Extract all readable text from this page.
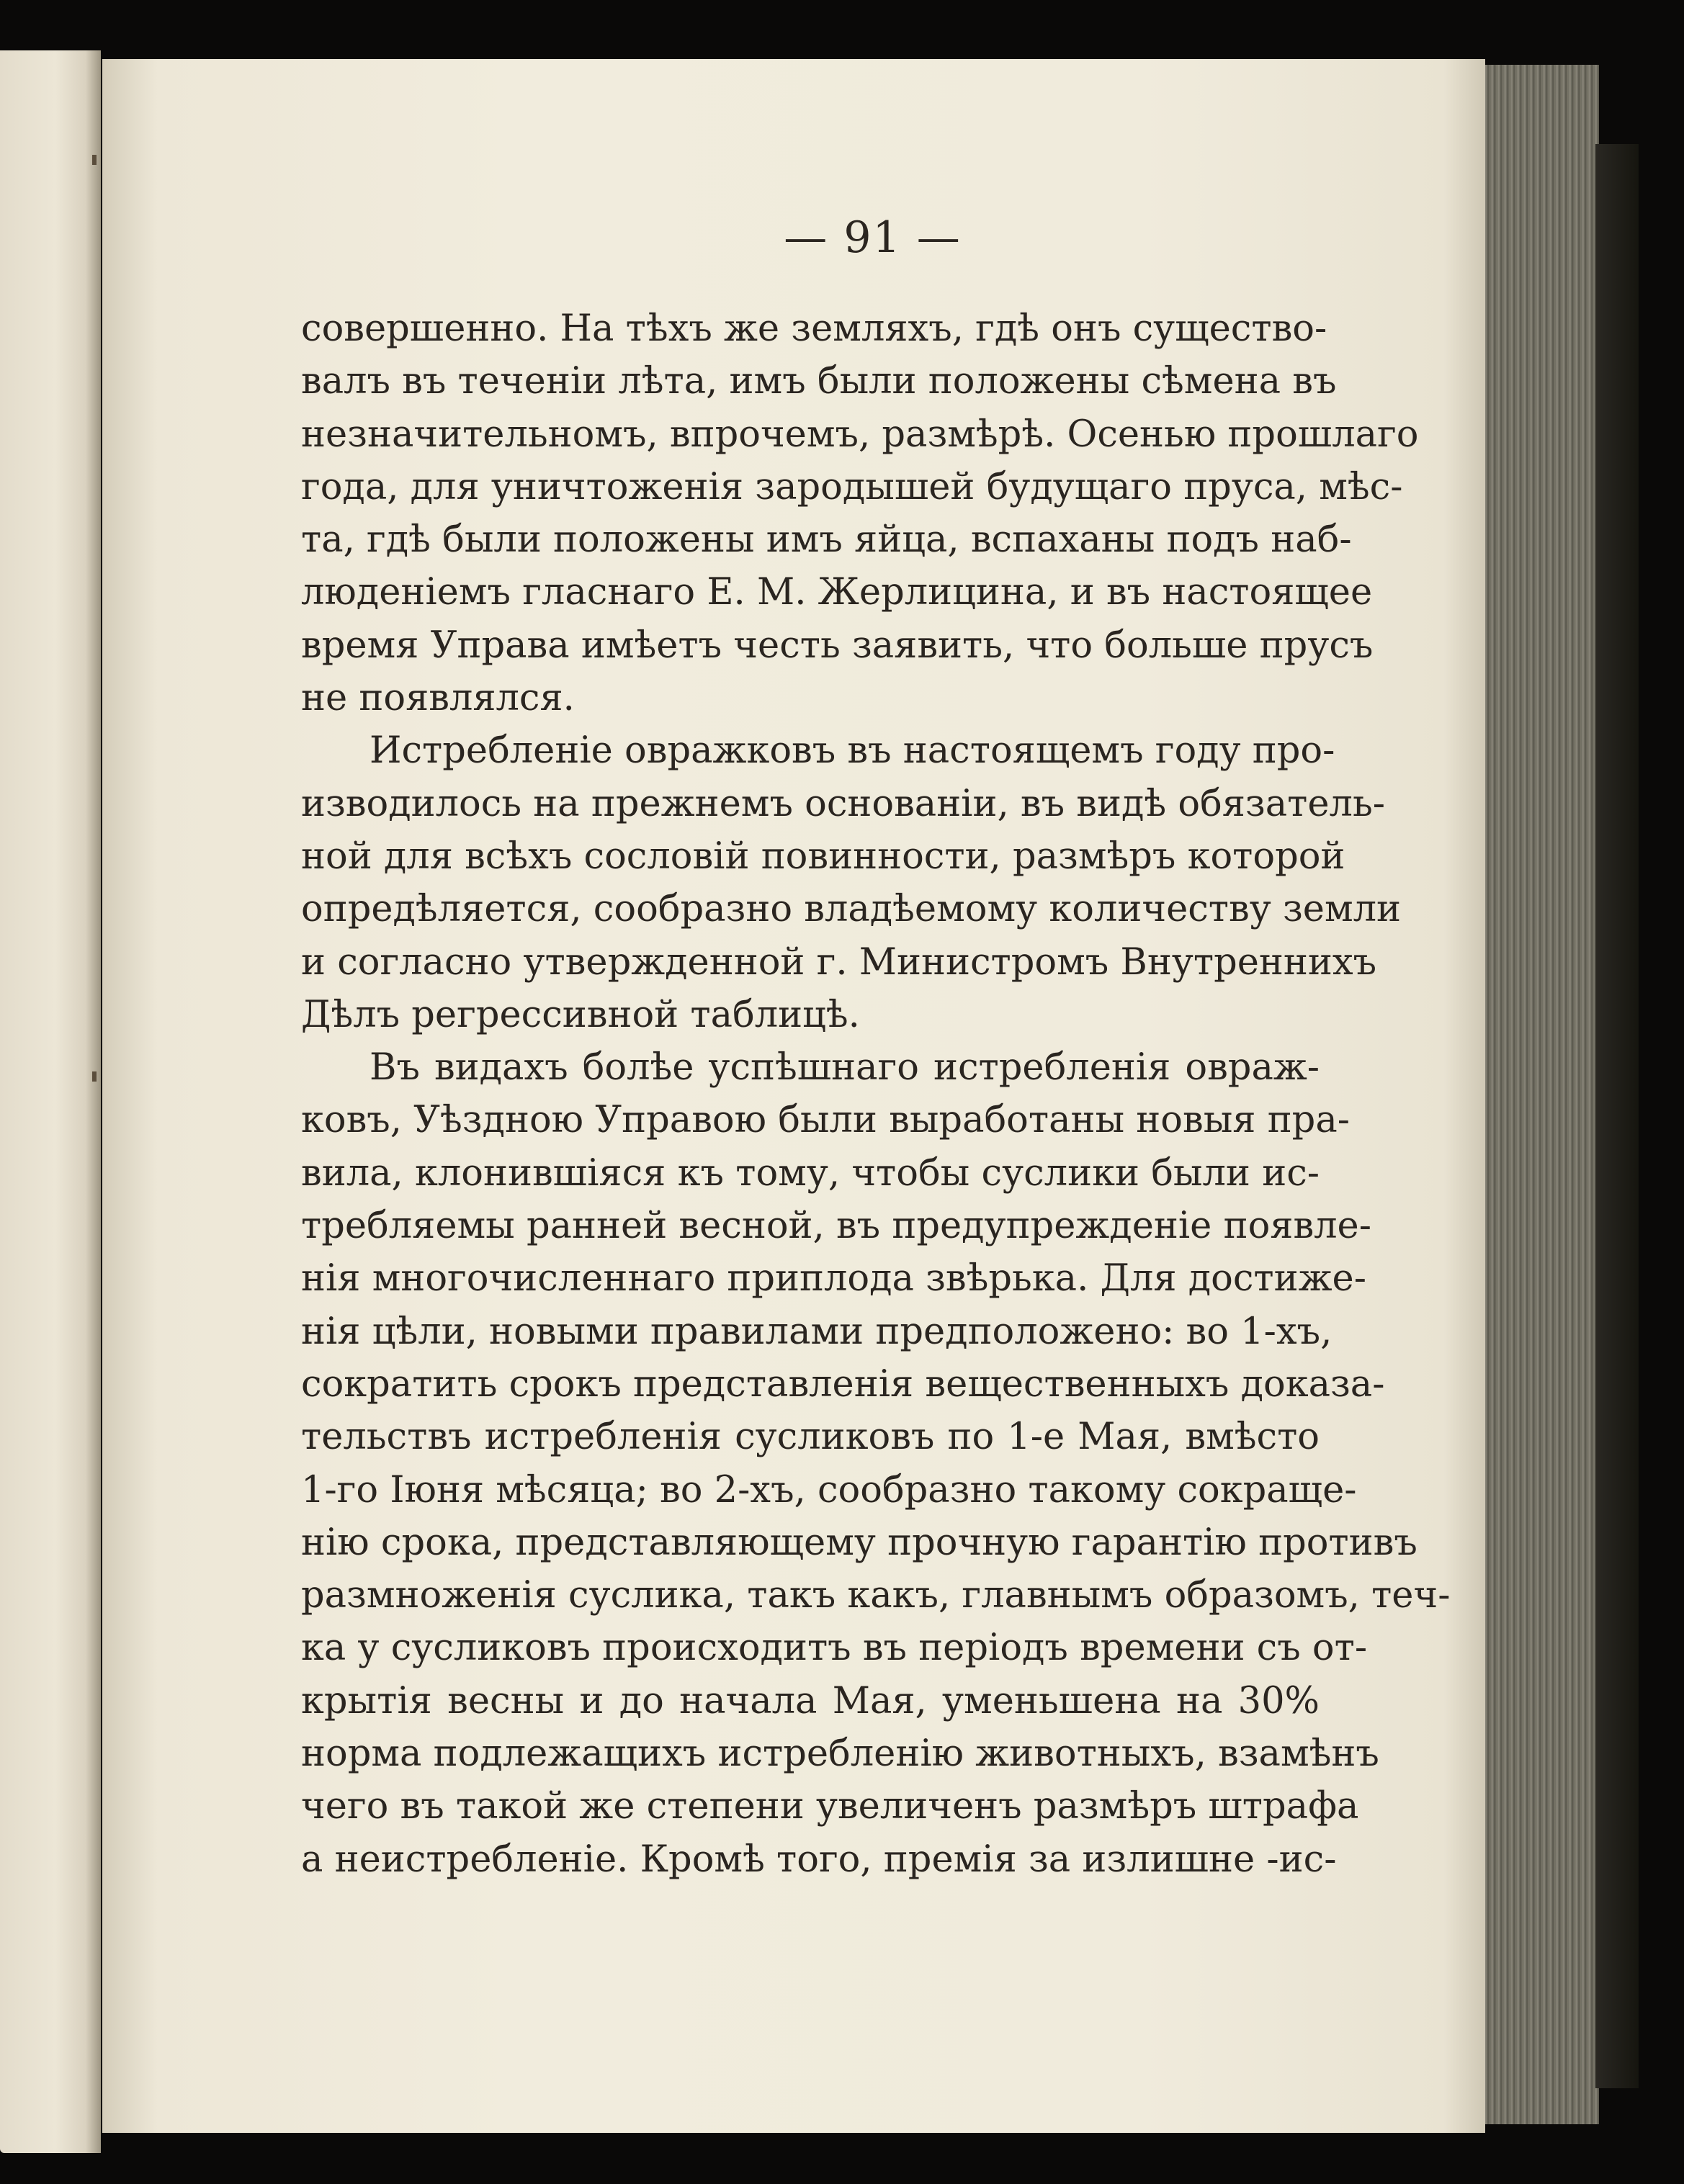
— 91 —
совершенно. На тѣхъ же земляхъ, гдѣ онъ существо-
валъ въ теченіи лѣта, имъ были положены сѣмена въ
незначительномъ, впрочемъ, размѣрѣ. Осенью прошлаго
года, для уничтоженія зародышей будущаго пруса, мѣс-
та, гдѣ были положены имъ яйца, вспаханы подъ наб-
люденіемъ гласнаго Е. М. Жерлицина, и въ настоящее
время Управа имѣетъ честь заявить, что больше прусъ
не появлялся.
Истребленіе овражковъ въ настоящемъ году про-
изводилось на прежнемъ основаніи, въ видѣ обязатель-
ной для всѣхъ сословій повинности, размѣръ которой
опредѣляется, сообразно владѣемому количеству земли
и согласно утвержденной г. Министромъ Внутреннихъ
Дѣлъ регрессивной таблицѣ.
Въ видахъ болѣе успѣшнаго истребленія овраж-
ковъ, Уѣздною Управою были выработаны новыя пра-
вила, клонившіяся къ тому, чтобы суслики были ис-
требляемы ранней весной, въ предупрежденіе появле-
нія многочисленнаго приплода звѣрька. Для достиже-
нія цѣли, новыми правилами предположено: во 1-хъ,
сократить срокъ представленія вещественныхъ доказа-
тельствъ истребленія сусликовъ по 1-е Мая, вмѣсто
1-го Іюня мѣсяца; во 2-хъ, сообразно такому сокраще-
нію срока, представляющему прочную гарантію противъ
размноженія суслика, такъ какъ, главнымъ образомъ, теч-
ка у сусликовъ происходитъ въ періодъ времени съ от-
крытія весны и до начала Мая, уменьшена на 30%
норма подлежащихъ истребленію животныхъ, взамѣнъ
чего въ такой же степени увеличенъ размѣръ штрафа
а неистребленіе. Кромѣ того, премія за излишне -ис-
